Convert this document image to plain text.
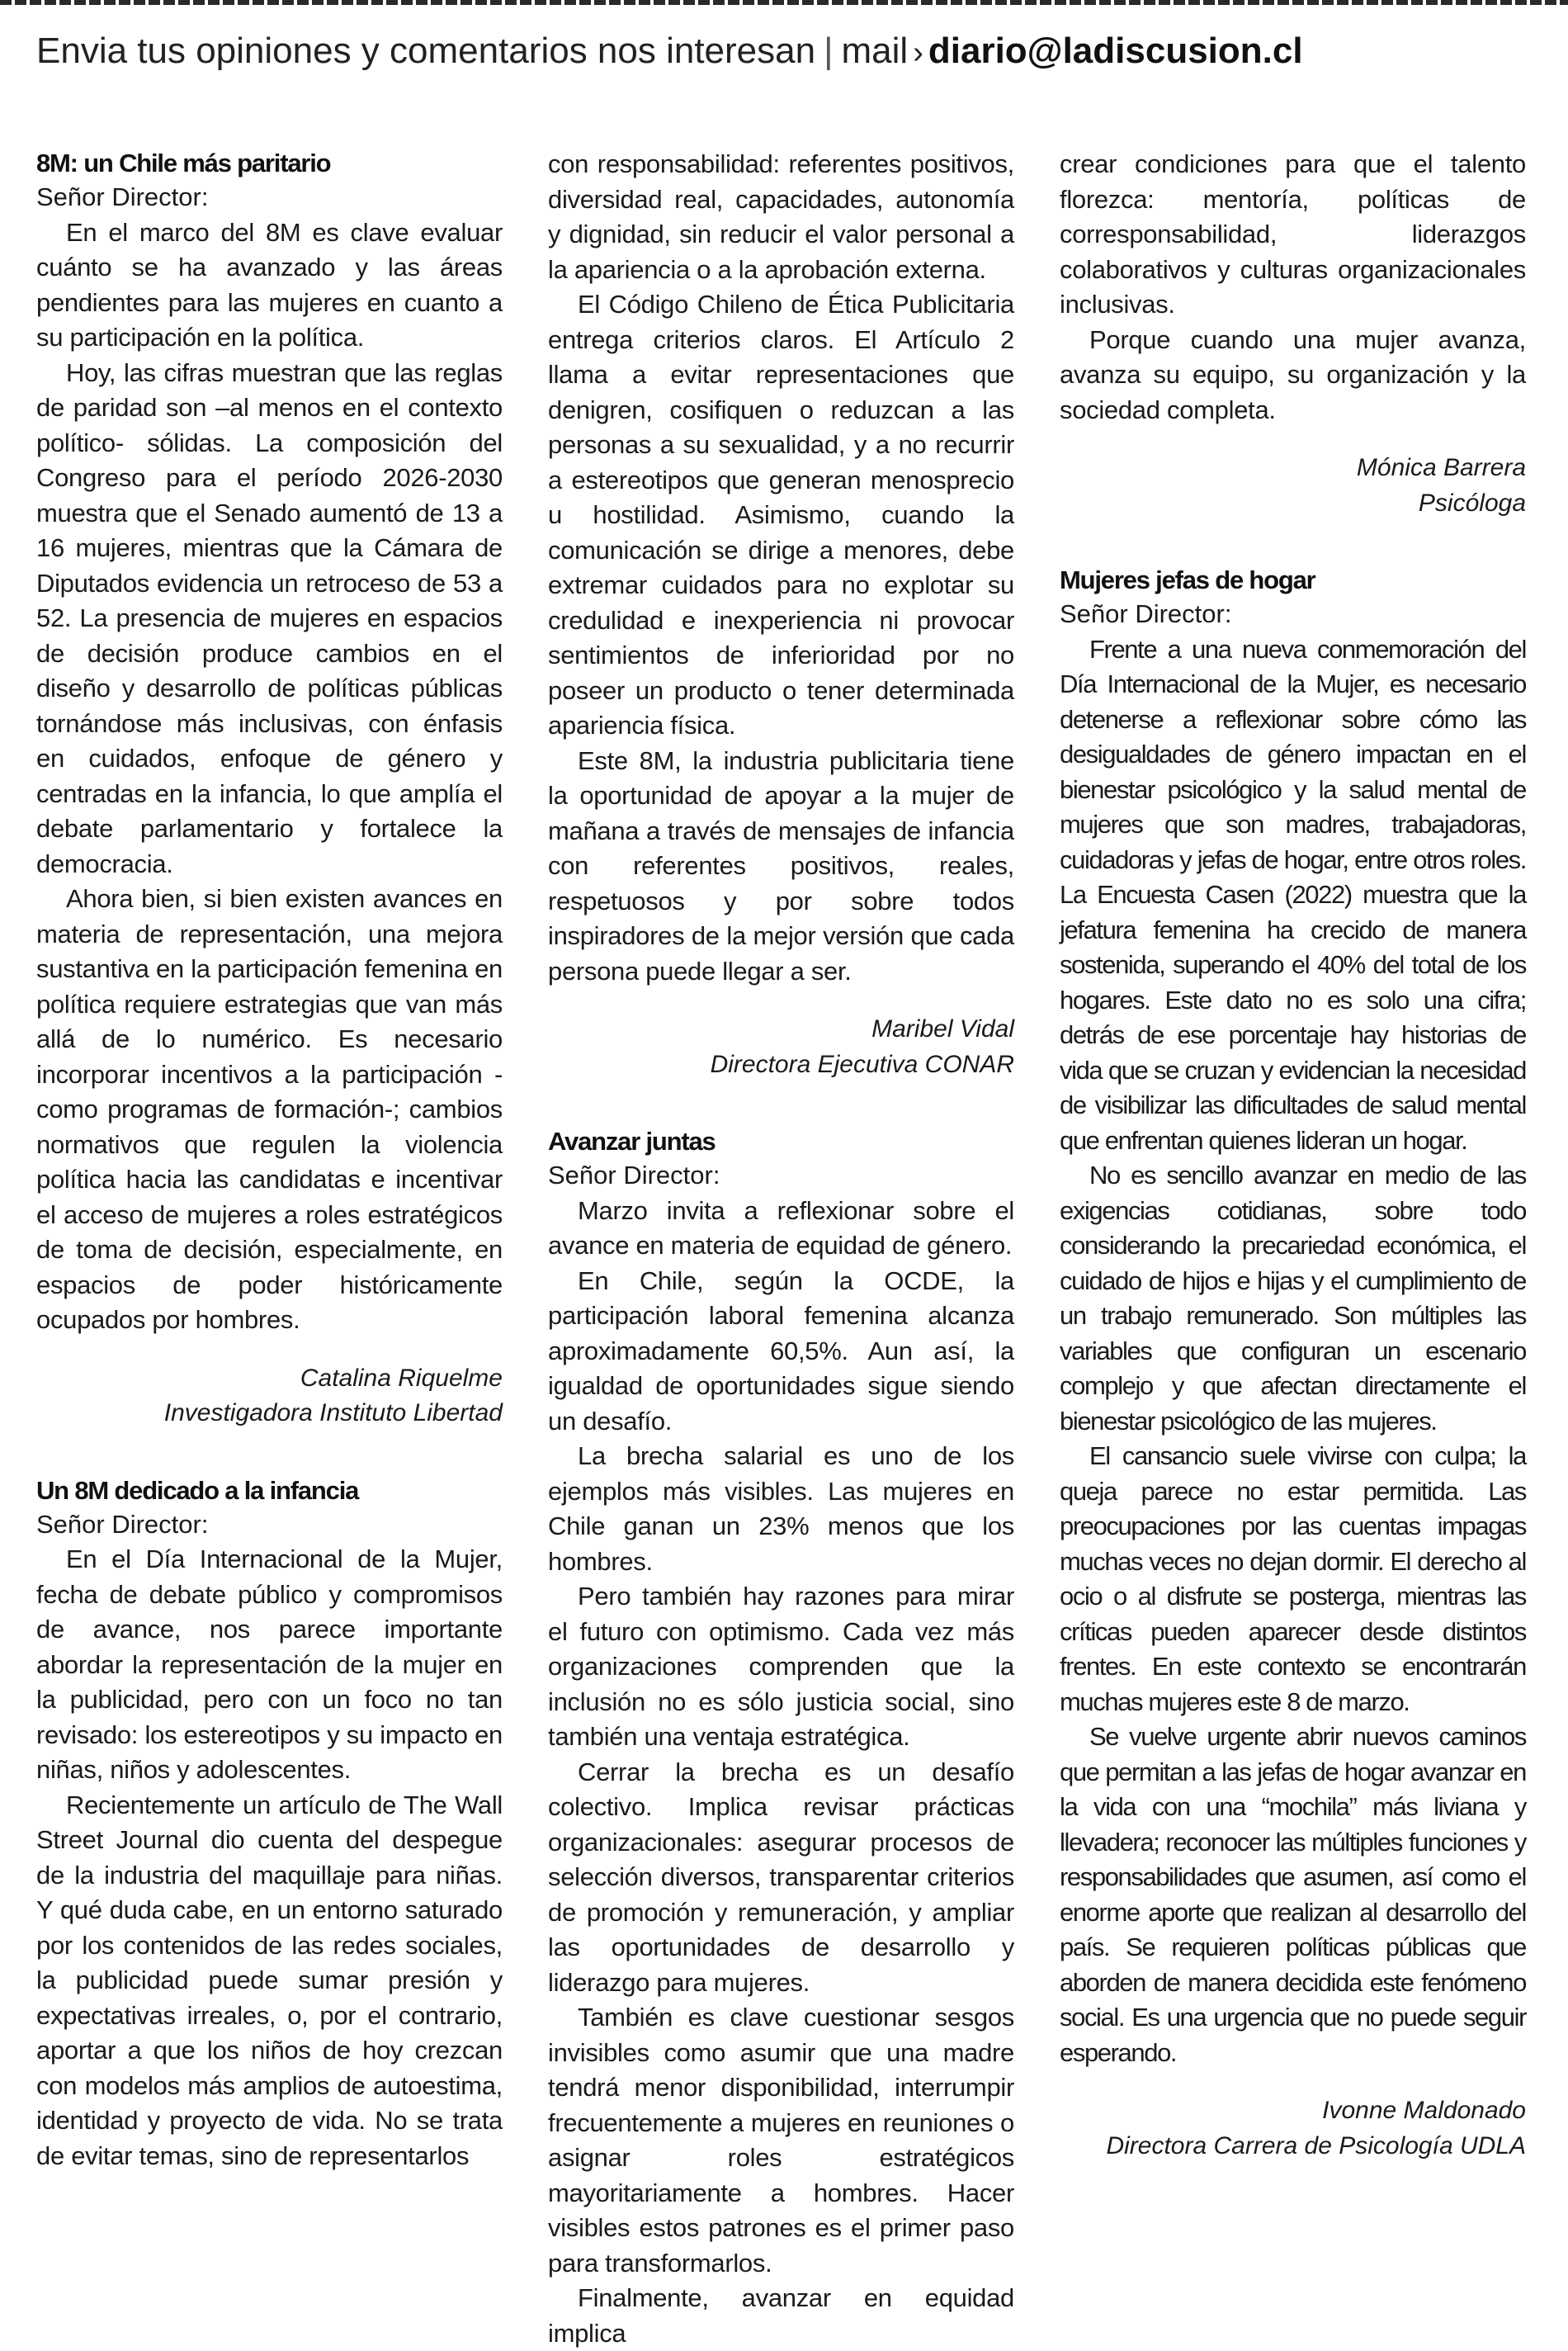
Envia tus opiniones y comentarios nos interesan | mail › diario@ladiscusion.cl

8M: un Chile más paritario

Señor Director:

En el marco del 8M es clave evaluar cuánto se ha avanzado y las áreas pendientes para las mujeres en cuanto a su participación en la política.

Hoy, las cifras muestran que las reglas de paridad son –al menos en el contexto político- sólidas. La composición del Congreso para el período 2026-2030 muestra que el Senado aumentó de 13 a 16 mujeres, mientras que la Cámara de Diputados evidencia un retroceso de 53 a 52. La presencia de mujeres en espacios de decisión produce cambios en el diseño y desarrollo de políticas públicas tornándose más inclusivas, con énfasis en cuidados, enfoque de género y centradas en la infancia, lo que amplía el debate parlamentario y fortalece la democracia.

Ahora bien, si bien existen avances en materia de representación, una mejora sustantiva en la participación femenina en política requiere estrategias que van más allá de lo numérico. Es necesario incorporar incentivos a la participación -como programas de formación-; cambios normativos que regulen la violencia política hacia las candidatas e incentivar el acceso de mujeres a roles estratégicos de toma de decisión, especialmente, en espacios de poder históricamente ocupados por hombres.

Catalina Riquelme

Investigadora Instituto Libertad

Un 8M dedicado a la infancia

Señor Director:

En el Día Internacional de la Mujer, fecha de debate público y compromisos de avance, nos parece importante abordar la representación de la mujer en la publicidad, pero con un foco no tan revisado: los estereotipos y su impacto en niñas, niños y adolescentes.

Recientemente un artículo de The Wall Street Journal dio cuenta del despegue de la industria del maquillaje para niñas. Y qué duda cabe, en un entorno saturado por los contenidos de las redes sociales, la publicidad puede sumar presión y expectativas irreales, o, por el contrario, aportar a que los niños de hoy crezcan con modelos más amplios de autoestima, identidad y proyecto de vida. No se trata de evitar temas, sino de representarlos

con responsabilidad: referentes positivos, diversidad real, capacidades, autonomía y dignidad, sin reducir el valor personal a la apariencia o a la aprobación externa.

El Código Chileno de Ética Publicitaria entrega criterios claros. El Artículo 2 llama a evitar representaciones que denigren, cosifiquen o reduzcan a las personas a su sexualidad, y a no recurrir a estereotipos que generan menosprecio u hostilidad. Asimismo, cuando la comunicación se dirige a menores, debe extremar cuidados para no explotar su credulidad e inexperiencia ni provocar sentimientos de inferioridad por no poseer un producto o tener determinada apariencia física.

Este 8M, la industria publicitaria tiene la oportunidad de apoyar a la mujer de mañana a través de mensajes de infancia con referentes positivos, reales, respetuosos y por sobre todos inspiradores de la mejor versión que cada persona puede llegar a ser.

Maribel Vidal

Directora Ejecutiva CONAR

Avanzar juntas

Señor Director:

Marzo invita a reflexionar sobre el avance en materia de equidad de género.

En Chile, según la OCDE, la participación laboral femenina alcanza aproximadamente 60,5%. Aun así, la igualdad de oportunidades sigue siendo un desafío.

La brecha salarial es uno de los ejemplos más visibles. Las mujeres en Chile ganan un 23% menos que los hombres.

Pero también hay razones para mirar el futuro con optimismo. Cada vez más organizaciones comprenden que la inclusión no es sólo justicia social, sino también una ventaja estratégica.

Cerrar la brecha es un desafío colectivo. Implica revisar prácticas organizacionales: asegurar procesos de selección diversos, transparentar criterios de promoción y remuneración, y ampliar las oportunidades de desarrollo y liderazgo para mujeres.

También es clave cuestionar sesgos invisibles como asumir que una madre tendrá menor disponibilidad, interrumpir frecuentemente a mujeres en reuniones o asignar roles estratégicos mayoritariamente a hombres. Hacer visibles estos patrones es el primer paso para transformarlos.

Finalmente, avanzar en equidad implica

crear condiciones para que el talento florezca: mentoría, políticas de corresponsabilidad, liderazgos colaborativos y culturas organizacionales inclusivas.

Porque cuando una mujer avanza, avanza su equipo, su organización y la sociedad completa.

Mónica Barrera

Psicóloga

Mujeres jefas de hogar

Señor Director:

Frente a una nueva conmemoración del Día Internacional de la Mujer, es necesario detenerse a reflexionar sobre cómo las desigualdades de género impactan en el bienestar psicológico y la salud mental de mujeres que son madres, trabajadoras, cuidadoras y jefas de hogar, entre otros roles. La Encuesta Casen (2022) muestra que la jefatura femenina ha crecido de manera sostenida, superando el 40% del total de los hogares. Este dato no es solo una cifra; detrás de ese porcentaje hay historias de vida que se cruzan y evidencian la necesidad de visibilizar las dificultades de salud mental que enfrentan quienes lideran un hogar.

No es sencillo avanzar en medio de las exigencias cotidianas, sobre todo considerando la precariedad económica, el cuidado de hijos e hijas y el cumplimiento de un trabajo remunerado. Son múltiples las variables que configuran un escenario complejo y que afectan directamente el bienestar psicológico de las mujeres.

El cansancio suele vivirse con culpa; la queja parece no estar permitida. Las preocupaciones por las cuentas impagas muchas veces no dejan dormir. El derecho al ocio o al disfrute se posterga, mientras las críticas pueden aparecer desde distintos frentes. En este contexto se encontrarán muchas mujeres este 8 de marzo.

Se vuelve urgente abrir nuevos caminos que permitan a las jefas de hogar avanzar en la vida con una “mochila” más liviana y llevadera; reconocer las múltiples funciones y responsabilidades que asumen, así como el enorme aporte que realizan al desarrollo del país. Se requieren políticas públicas que aborden de manera decidida este fenómeno social. Es una urgencia que no puede seguir esperando.

Ivonne Maldonado

Directora Carrera de Psicología UDLA
